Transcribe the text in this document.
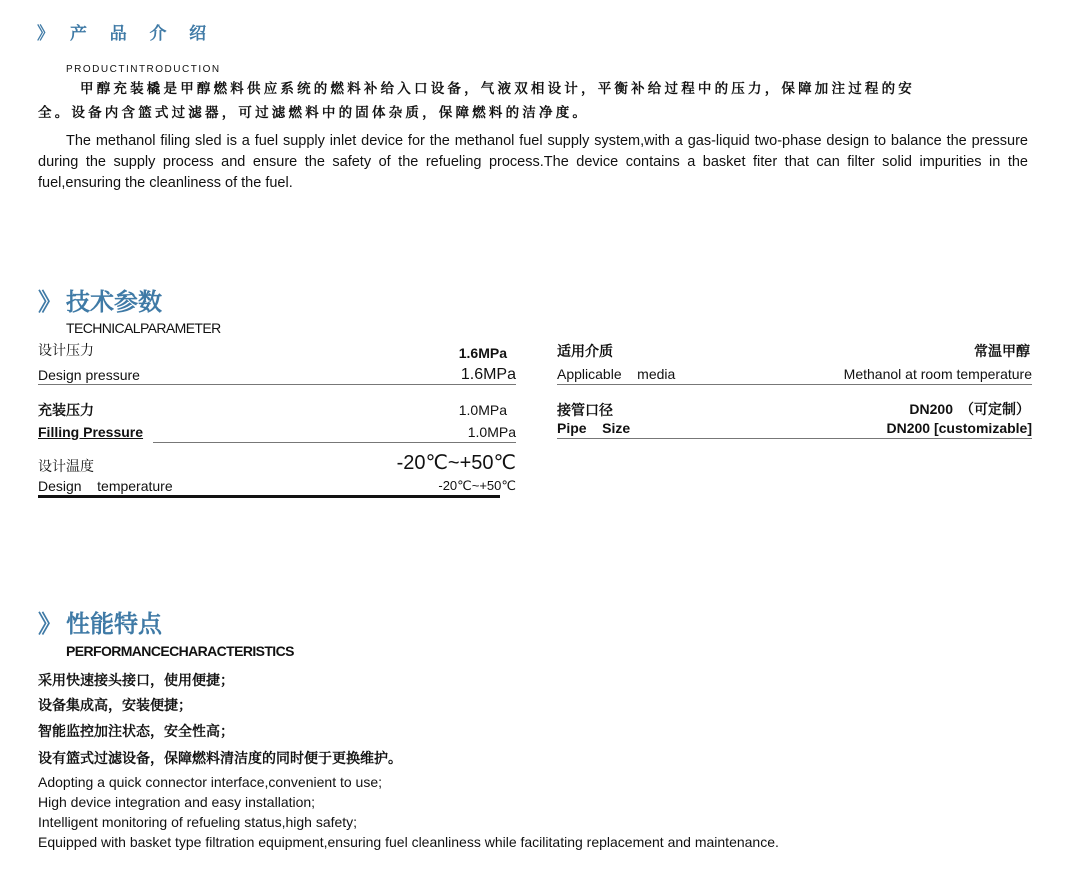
》 产 品 介 绍
PRODUCTINTRODUCTION
甲醇充装橇是甲醇燃料供应系统的燃料补给入口设备，气液双相设计，平衡补给过程中的压力，保障加注过程的安
全。设备内含篮式过滤器，可过滤燃料中的固体杂质，保障燃料的洁净度。
The methanol filing sled is a fuel supply inlet device for the methanol fuel supply system,with a gas-liquid two-phase design to balance the pressure during the supply process and ensure the safety of the refueling process.The device contains a basket fiter that can filter solid impurities in the fuel,ensuring the cleanliness of the fuel.
》 技术参数
TECHNICALPARAMETER
设计压力	1.6MPa
Design pressure	1.6MPa
充装压力	1.0MPa
Filling Pressure	1.0MPa
设计温度	-20℃~+50℃
Design    temperature	-20℃~+50℃
适用介质	常温甲醇
Applicable    media	Methanol at room temperature
接管口径	DN200　（可定制）
Pipe    Size	DN200 [customizable]
》 性能特点
PERFORMANCECHARACTERISTICS
采用快速接头接口，使用便捷；
设备集成高，安装便捷；
智能监控加注状态，安全性高；
设有篮式过滤设备，保障燃料清洁度的同时便于更换维护。
Adopting a quick connector interface,convenient to use;
High device integration and easy installation;
Intelligent monitoring of refueling status,high safety;
Equipped with basket type filtration equipment,ensuring fuel cleanliness while facilitating replacement and maintenance.
